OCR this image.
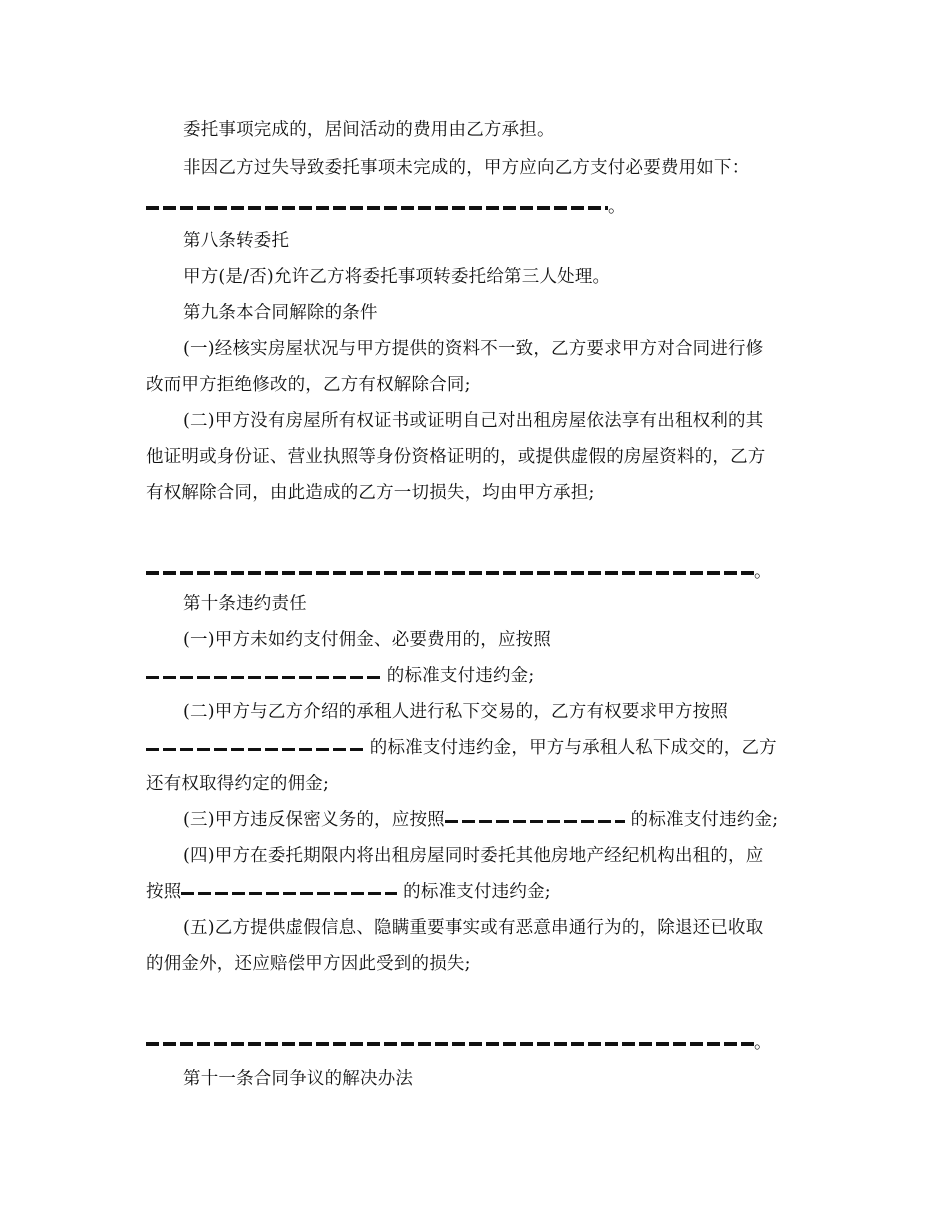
委托事项完成的，居间活动的费用由乙方承担。
非因乙方过失导致委托事项未完成的，甲方应向乙方支付必要费用如下：
。
第八条转委托
甲方(是/否)允许乙方将委托事项转委托给第三人处理。
第九条本合同解除的条件
(一)经核实房屋状况与甲方提供的资料不一致，乙方要求甲方对合同进行修
改而甲方拒绝修改的，乙方有权解除合同;
(二)甲方没有房屋所有权证书或证明自己对出租房屋依法享有出租权利的其
他证明或身份证、营业执照等身份资格证明的，或提供虚假的房屋资料的，乙方
有权解除合同，由此造成的乙方一切损失，均由甲方承担;
。
第十条违约责任
(一)甲方未如约支付佣金、必要费用的，应按照
的标准支付违约金;
(二)甲方与乙方介绍的承租人进行私下交易的，乙方有权要求甲方按照
的标准支付违约金，甲方与承租人私下成交的，乙方
还有权取得约定的佣金;
(三)甲方违反保密义务的，应按照	的标准支付违约金;
(四)甲方在委托期限内将出租房屋同时委托其他房地产经纪机构出租的，应
按照	的标准支付违约金;
(五)乙方提供虚假信息、隐瞒重要事实或有恶意串通行为的，除退还已收取
的佣金外，还应赔偿甲方因此受到的损失;
。
第十一条合同争议的解决办法
